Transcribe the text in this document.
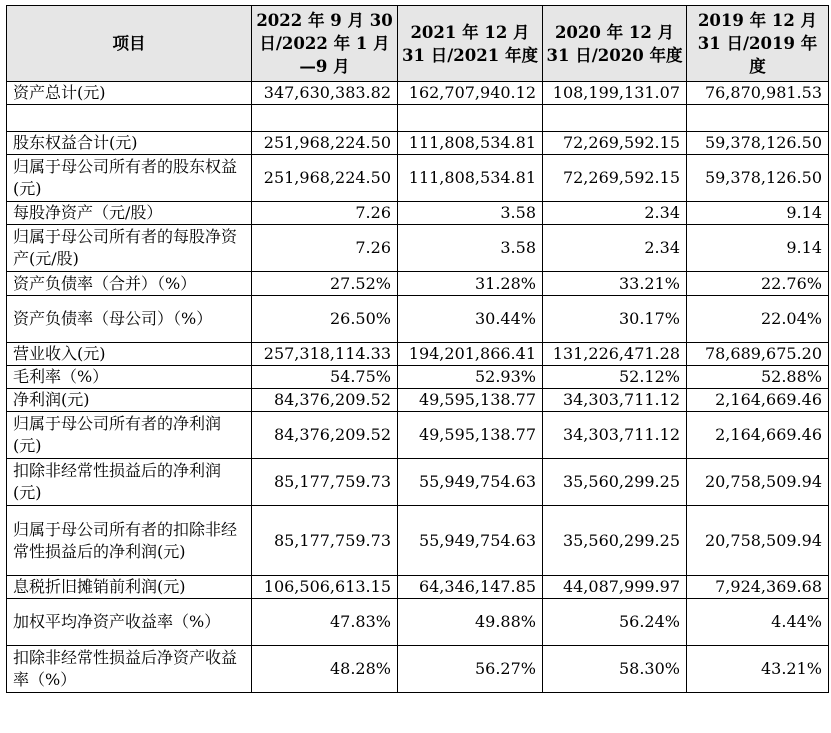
项目	2022 年 9 月 30 日/2022 年 1 月—9 月	2021 年 12 月 31 日/2021 年度	2020 年 12 月 31 日/2020 年度	2019 年 12 月 31 日/2019 年度
资产总计(元)	347,630,383.82	162,707,940.12	108,199,131.07	76,870,981.53

股东权益合计(元)	251,968,224.50	111,808,534.81	72,269,592.15	59,378,126.50
归属于母公司所有者的股东权益(元)	251,968,224.50	111,808,534.81	72,269,592.15	59,378,126.50
每股净资产（元/股）	7.26	3.58	2.34	9.14
归属于母公司所有者的每股净资产(元/股)	7.26	3.58	2.34	9.14
资产负债率（合并）（%）	27.52%	31.28%	33.21%	22.76%
资产负债率（母公司）（%）	26.50%	30.44%	30.17%	22.04%
营业收入(元)	257,318,114.33	194,201,866.41	131,226,471.28	78,689,675.20
毛利率（%）	54.75%	52.93%	52.12%	52.88%
净利润(元)	84,376,209.52	49,595,138.77	34,303,711.12	2,164,669.46
归属于母公司所有者的净利润(元)	84,376,209.52	49,595,138.77	34,303,711.12	2,164,669.46
扣除非经常性损益后的净利润(元)	85,177,759.73	55,949,754.63	35,560,299.25	20,758,509.94
归属于母公司所有者的扣除非经常性损益后的净利润(元)	85,177,759.73	55,949,754.63	35,560,299.25	20,758,509.94
息税折旧摊销前利润(元)	106,506,613.15	64,346,147.85	44,087,999.97	7,924,369.68
加权平均净资产收益率（%）	47.83%	49.88%	56.24%	4.44%
扣除非经常性损益后净资产收益率（%）	48.28%	56.27%	58.30%	43.21%
